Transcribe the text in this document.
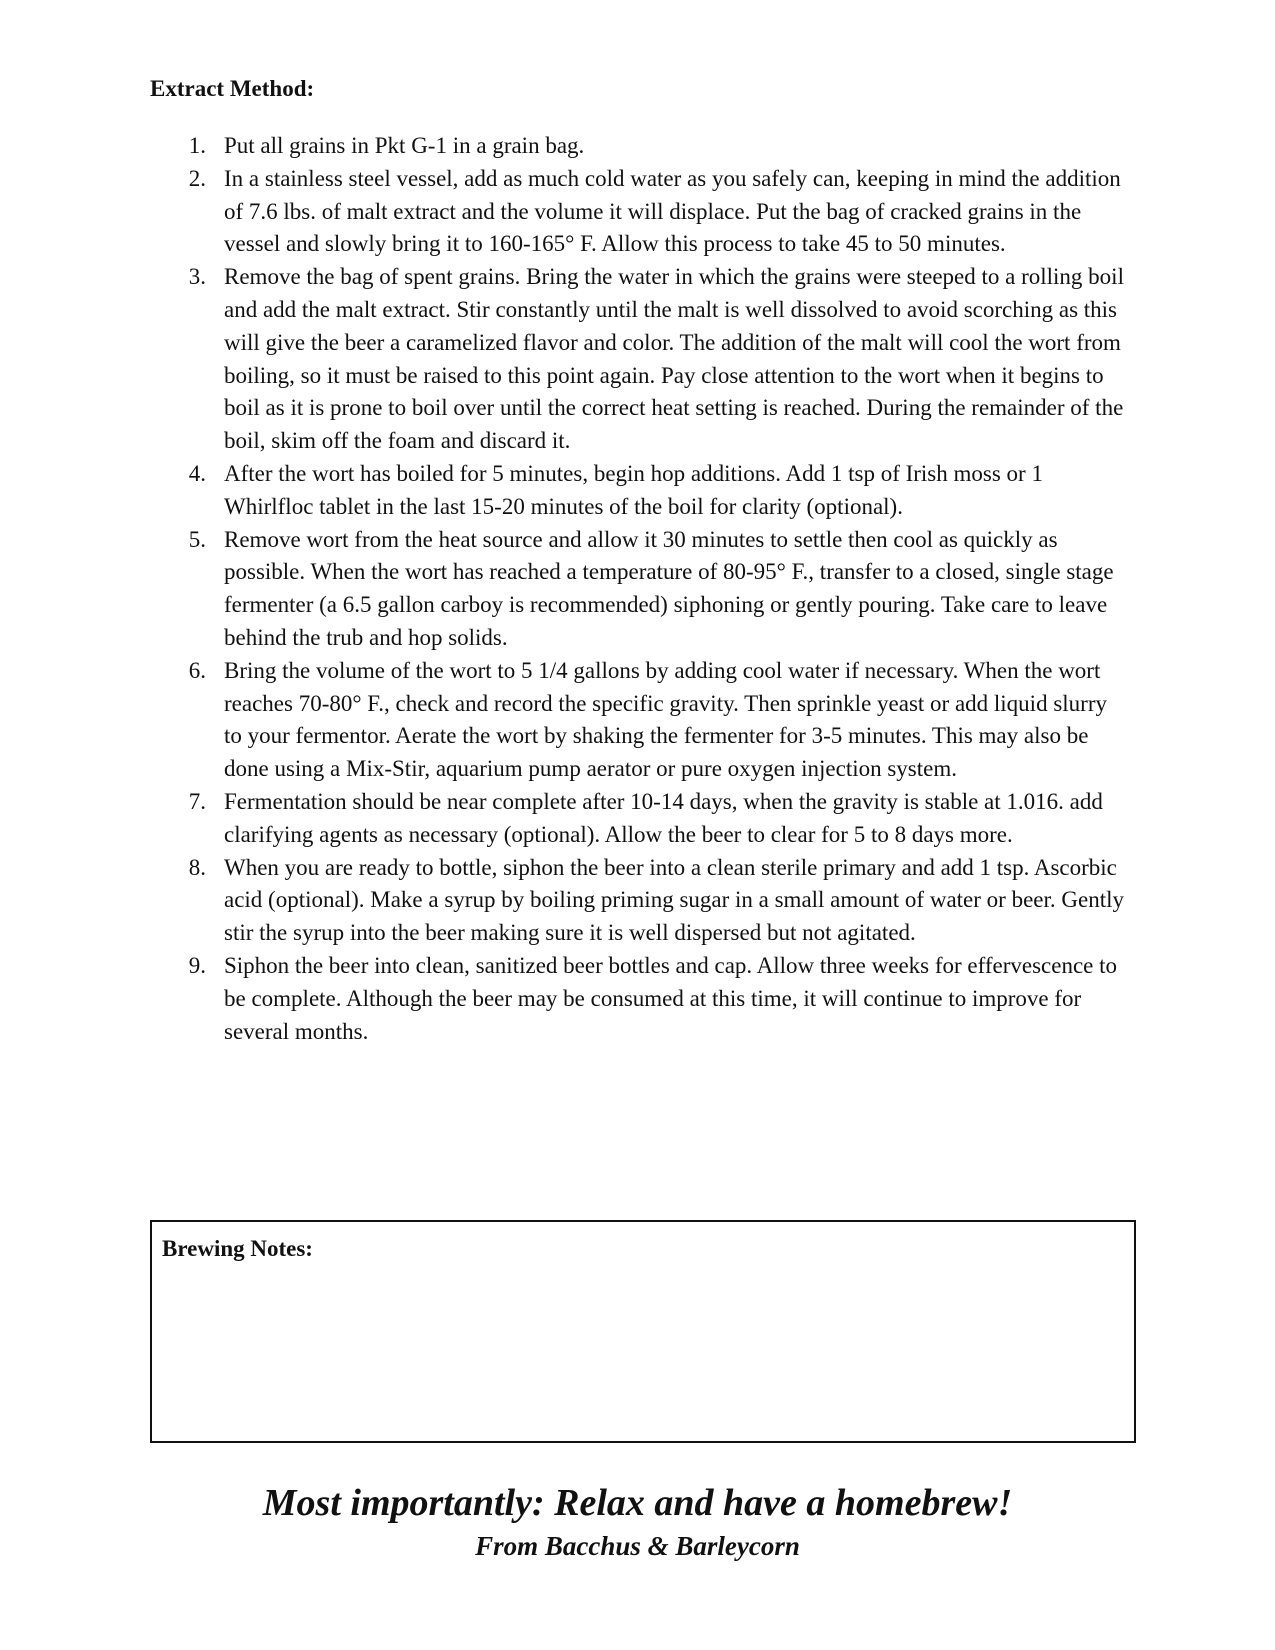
Extract Method:
1. Put all grains in Pkt G-1 in a grain bag.
2. In a stainless steel vessel, add as much cold water as you safely can, keeping in mind the addition of 7.6 lbs. of malt extract and the volume it will displace. Put the bag of cracked grains in the vessel and slowly bring it to 160-165° F. Allow this process to take 45 to 50 minutes.
3. Remove the bag of spent grains. Bring the water in which the grains were steeped to a rolling boil and add the malt extract. Stir constantly until the malt is well dissolved to avoid scorching as this will give the beer a caramelized flavor and color. The addition of the malt will cool the wort from boiling, so it must be raised to this point again. Pay close attention to the wort when it begins to boil as it is prone to boil over until the correct heat setting is reached. During the remainder of the boil, skim off the foam and discard it.
4. After the wort has boiled for 5 minutes, begin hop additions. Add 1 tsp of Irish moss or 1 Whirlfloc tablet in the last 15-20 minutes of the boil for clarity (optional).
5. Remove wort from the heat source and allow it 30 minutes to settle then cool as quickly as possible. When the wort has reached a temperature of 80-95° F., transfer to a closed, single stage fermenter (a 6.5 gallon carboy is recommended) siphoning or gently pouring. Take care to leave behind the trub and hop solids.
6. Bring the volume of the wort to 5 1/4 gallons by adding cool water if necessary. When the wort reaches 70-80° F., check and record the specific gravity. Then sprinkle yeast or add liquid slurry to your fermentor. Aerate the wort by shaking the fermenter for 3-5 minutes. This may also be done using a Mix-Stir, aquarium pump aerator or pure oxygen injection system.
7. Fermentation should be near complete after 10-14 days, when the gravity is stable at 1.016. add clarifying agents as necessary (optional). Allow the beer to clear for 5 to 8 days more.
8. When you are ready to bottle, siphon the beer into a clean sterile primary and add 1 tsp. Ascorbic acid (optional). Make a syrup by boiling priming sugar in a small amount of water or beer. Gently stir the syrup into the beer making sure it is well dispersed but not agitated.
9. Siphon the beer into clean, sanitized beer bottles and cap. Allow three weeks for effervescence to be complete. Although the beer may be consumed at this time, it will continue to improve for several months.
Brewing Notes:

Most importantly: Relax and have a homebrew!

From Bacchus & Barleycorn
